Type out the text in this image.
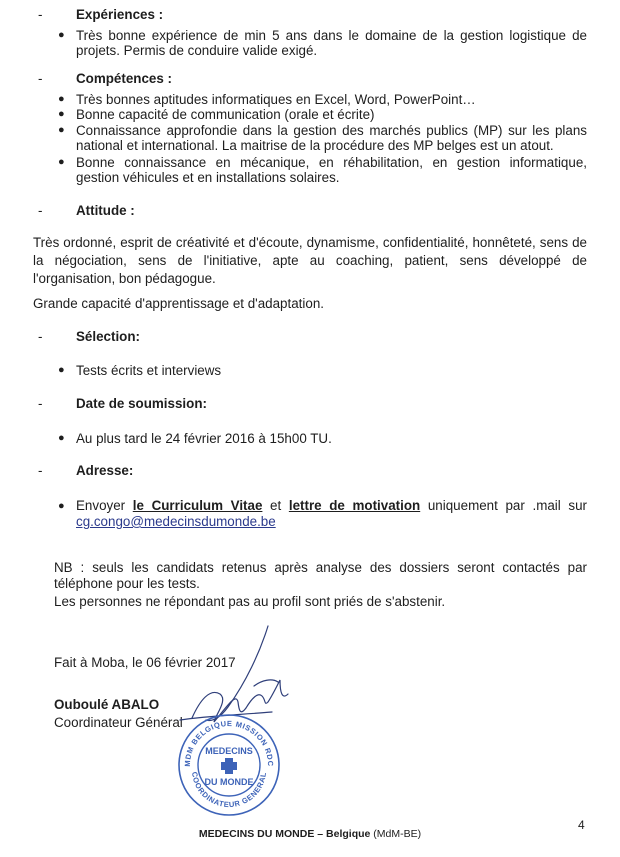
-	Expériences :
● Très bonne expérience de min 5 ans dans le domaine de la gestion logistique de projets. Permis de conduire valide exigé.
-	Compétences :
● Très bonnes aptitudes informatiques en Excel, Word, PowerPoint…
● Bonne capacité de communication (orale et écrite)
● Connaissance approfondie dans la gestion des marchés publics (MP) sur les plans national et international. La maitrise de la procédure des MP belges est un atout.
● Bonne connaissance en mécanique, en réhabilitation, en gestion informatique, gestion véhicules et en installations solaires.
-	Attitude :
Très ordonné, esprit de créativité et d'écoute, dynamisme, confidentialité, honnêteté, sens de la négociation, sens de l'initiative, apte au coaching, patient, sens développé de l'organisation, bon pédagogue.
Grande capacité d'apprentissage et d'adaptation.
-	Sélection:
● Tests écrits et interviews
-	Date de soumission:
● Au plus tard le 24 février 2016 à 15h00 TU.
-	Adresse:
● Envoyer le Curriculum Vitae et lettre de motivation uniquement par .mail sur cg.congo@medecinsdumonde.be
NB : seuls les candidats retenus après analyse des dossiers seront contactés par téléphone pour les tests.
Les personnes ne répondant pas au profil sont priés de s'abstenir.
Fait à Moba, le 06 février 2017
Ouboulé ABALO
Coordinateur Général
MDM BELGIQUE MISSION RDC
COORDINATEUR GENERAL
MEDECINS
DU MONDE
MEDECINS DU MONDE – Belgique (MdM-BE)
4
